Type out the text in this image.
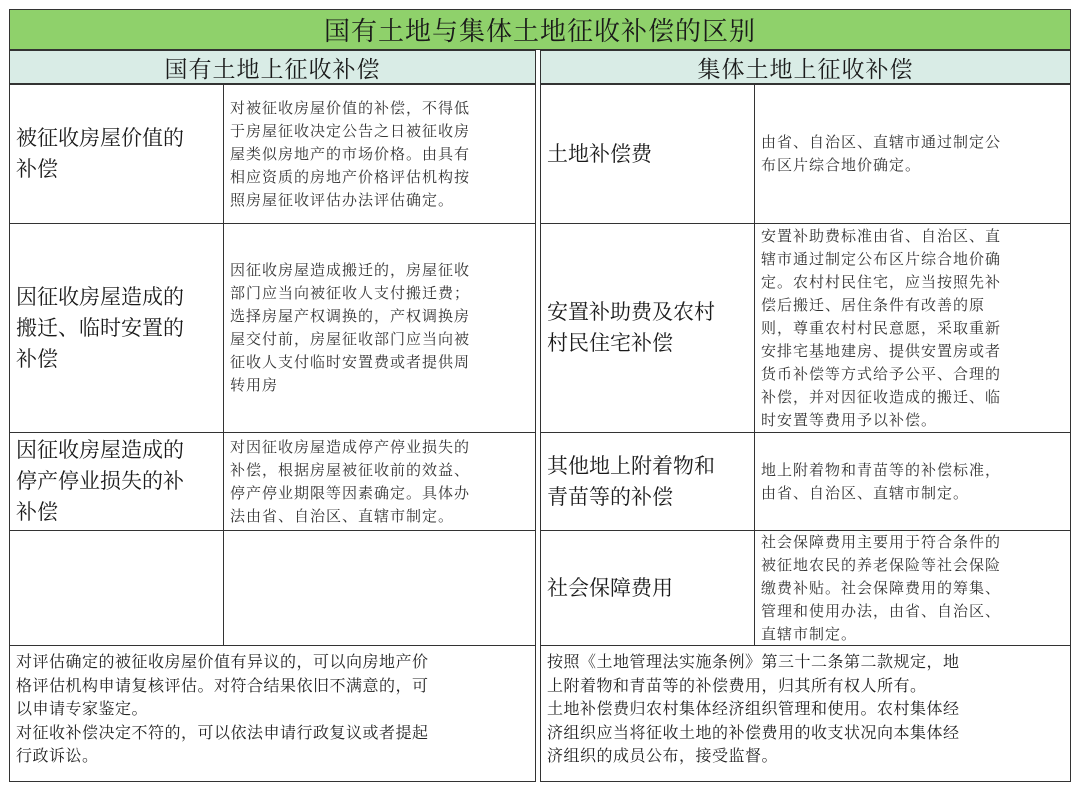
国有土地与集体土地征收补偿的区别
国有土地上征收补偿	集体土地上征收补偿
被征收房屋价值的
补偿
对被征收房屋价值的补偿，不得低
于房屋征收决定公告之日被征收房
屋类似房地产的市场价格。由具有
相应资质的房地产价格评估机构按
照房屋征收评估办法评估确定。
因征收房屋造成的
搬迁、临时安置的
补偿
因征收房屋造成搬迁的，房屋征收
部门应当向被征收人支付搬迁费；
选择房屋产权调换的，产权调换房
屋交付前，房屋征收部门应当向被
征收人支付临时安置费或者提供周
转用房
因征收房屋造成的
停产停业损失的补
补偿
对因征收房屋造成停产停业损失的
补偿，根据房屋被征收前的效益、
停产停业期限等因素确定。具体办
法由省、自治区、直辖市制定。
土地补偿费	由省、自治区、直辖市通过制定公
布区片综合地价确定。
安置补助费及农村
村民住宅补偿
安置补助费标准由省、自治区、直
辖市通过制定公布区片综合地价确
定。农村村民住宅，应当按照先补
偿后搬迁、居住条件有改善的原
则，尊重农村村民意愿，采取重新
安排宅基地建房、提供安置房或者
货币补偿等方式给予公平、合理的
补偿，并对因征收造成的搬迁、临
时安置等费用予以补偿。
其他地上附着物和
青苗等的补偿
地上附着物和青苗等的补偿标准，
由省、自治区、直辖市制定。
社会保障费用
社会保障费用主要用于符合条件的
被征地农民的养老保险等社会保险
缴费补贴。社会保障费用的筹集、
管理和使用办法，由省、自治区、
直辖市制定。
对评估确定的被征收房屋价值有异议的，可以向房地产价
格评估机构申请复核评估。对符合结果依旧不满意的，可
以申请专家鉴定。
对征收补偿决定不符的，可以依法申请行政复议或者提起
行政诉讼。
按照《土地管理法实施条例》第三十二条第二款规定，地
上附着物和青苗等的补偿费用，归其所有权人所有。
土地补偿费归农村集体经济组织管理和使用。农村集体经
济组织应当将征收土地的补偿费用的收支状况向本集体经
济组织的成员公布，接受监督。
